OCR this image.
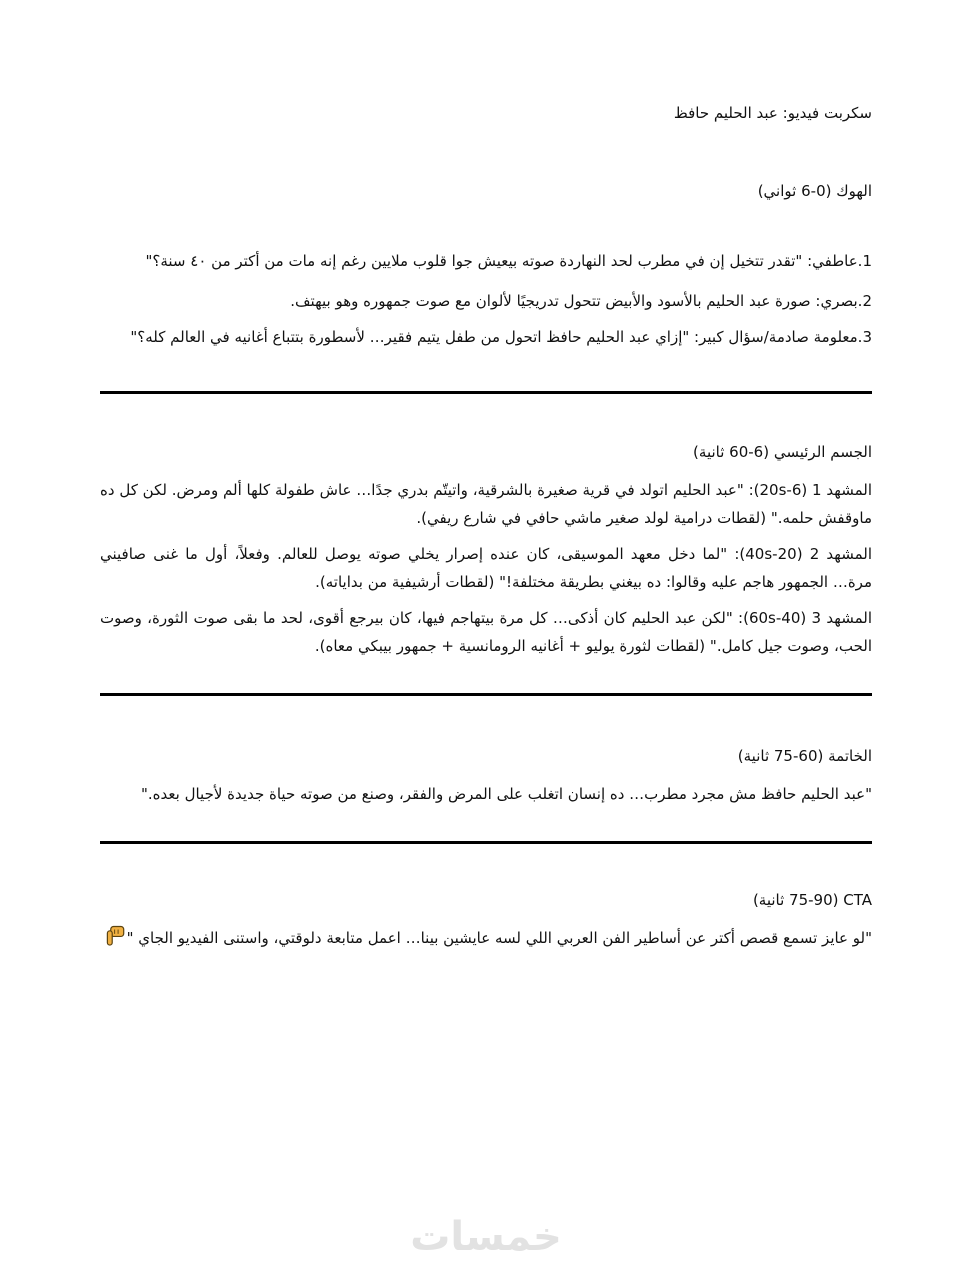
سكربت فيديو: عبد الحليم حافظ
الهوك (0-6 ثواني)

1.عاطفي: "تقدر تتخيل إن في مطرب لحد النهاردة صوته بيعيش جوا قلوب ملايين رغم إنه مات من أكتر من ٤٠ سنة؟"

2.بصري: صورة عبد الحليم بالأسود والأبيض تتحول تدريجيًا لألوان مع صوت جمهوره وهو بيهتف.

3.معلومة صادمة/سؤال كبير: "إزاي عبد الحليم حافظ اتحول من طفل يتيم فقير… لأسطورة بتتباع أغانيه في العالم كله؟"

الجسم الرئيسي (6-60 ثانية)

المشهد 1 (6-20s): "عبد الحليم اتولد في قرية صغيرة بالشرقية، واتيتّم بدري جدًا… عاش طفولة كلها ألم ومرض. لكن كل ده ماوقفش حلمه." (لقطات درامية لولد صغير ماشي حافي في شارع ريفي).

المشهد 2 (20-40s): "لما دخل معهد الموسيقى، كان عنده إصرار يخلي صوته يوصل للعالم. وفعلاً، أول ما غنى صافيني مرة… الجمهور هاجم عليه وقالوا: ده بيغني بطريقة مختلفة!" (لقطات أرشيفية من بداياته).

المشهد 3 (40-60s): "لكن عبد الحليم كان أذكى… كل مرة بيتهاجم فيها، كان بيرجع أقوى، لحد ما بقى صوت الثورة، وصوت الحب، وصوت جيل كامل." (لقطات لثورة يوليو + أغانيه الرومانسية + جمهور بيبكي معاه).

الخاتمة (60-75 ثانية)

"عبد الحليم حافظ مش مجرد مطرب… ده إنسان اتغلب على المرض والفقر، وصنع من صوته حياة جديدة لأجيال بعده."

CTA (75-90 ثانية)

"لو عايز تسمع قصص أكتر عن أساطير الفن العربي اللي لسه عايشين بينا… اعمل متابعة دلوقتي، واستنى الفيديو الجاي "

خمسات
